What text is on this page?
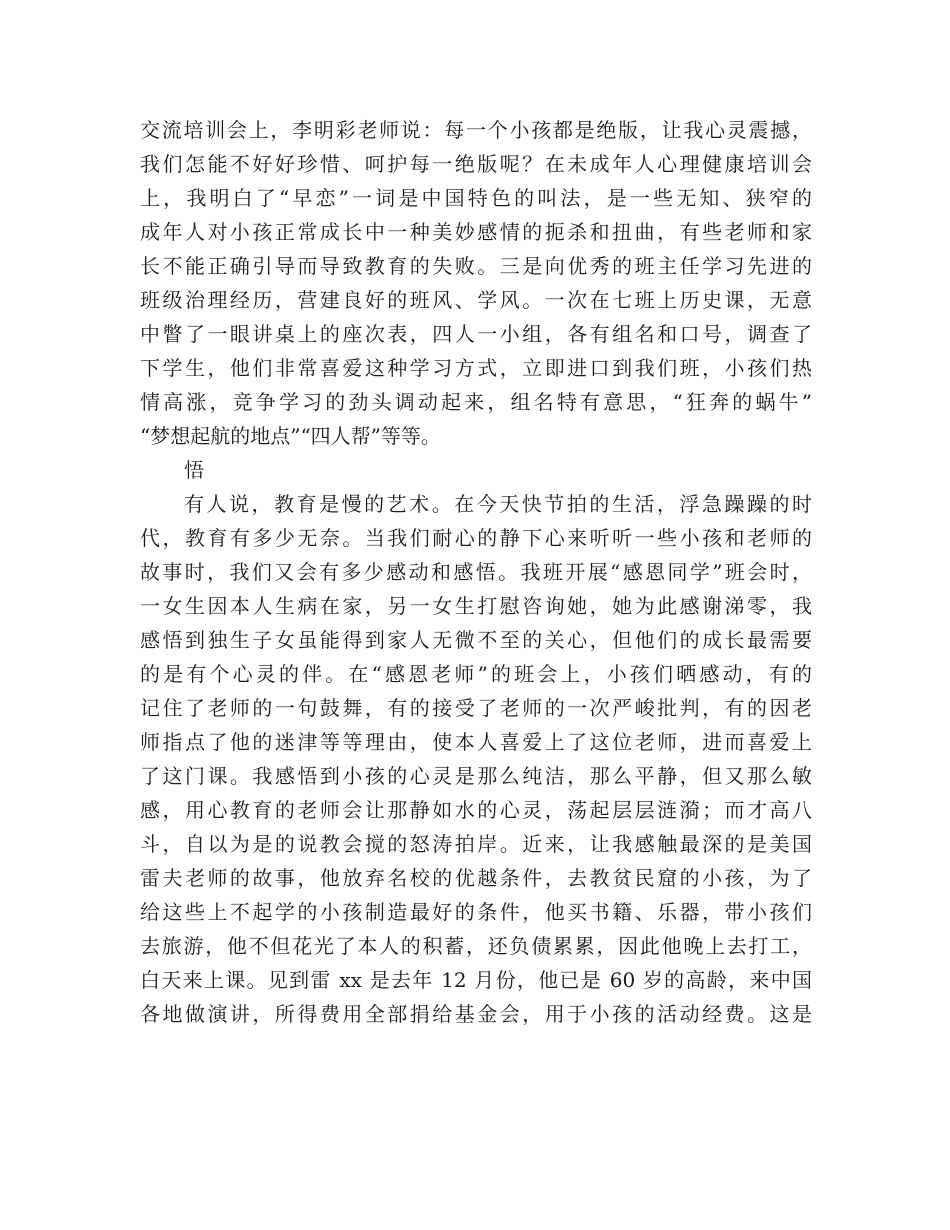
交流培训会上，李明彩老师说：每一个小孩都是绝版，让我心灵震撼，
我们怎能不好好珍惜、呵护每一绝版呢？在未成年人心理健康培训会
上，我明白了“早恋”一词是中国特色的叫法，是一些无知、狭窄的
成年人对小孩正常成长中一种美妙感情的扼杀和扭曲，有些老师和家
长不能正确引导而导致教育的失败。三是向优秀的班主任学习先进的
班级治理经历，营建良好的班风、学风。一次在七班上历史课，无意
中瞥了一眼讲桌上的座次表，四人一小组，各有组名和口号，调查了
下学生，他们非常喜爱这种学习方式，立即进口到我们班，小孩们热
情高涨，竞争学习的劲头调动起来，组名特有意思，“狂奔的蜗牛”
“梦想起航的地点”“四人帮”等等。
悟
有人说，教育是慢的艺术。在今天快节拍的生活，浮急躁躁的时
代，教育有多少无奈。当我们耐心的静下心来听听一些小孩和老师的
故事时，我们又会有多少感动和感悟。我班开展“感恩同学”班会时，
一女生因本人生病在家，另一女生打慰咨询她，她为此感谢涕零，我
感悟到独生子女虽能得到家人无微不至的关心，但他们的成长最需要
的是有个心灵的伴。在“感恩老师”的班会上，小孩们晒感动，有的
记住了老师的一句鼓舞，有的接受了老师的一次严峻批判，有的因老
师指点了他的迷津等等理由，使本人喜爱上了这位老师，进而喜爱上
了这门课。我感悟到小孩的心灵是那么纯洁，那么平静，但又那么敏
感，用心教育的老师会让那静如水的心灵，荡起层层涟漪；而才高八
斗，自以为是的说教会搅的怒涛拍岸。近来，让我感触最深的是美国
雷夫老师的故事，他放弃名校的优越条件，去教贫民窟的小孩，为了
给这些上不起学的小孩制造最好的条件，他买书籍、乐器，带小孩们
去旅游，他不但花光了本人的积蓄，还负债累累，因此他晚上去打工，
白天来上课。见到雷 xx 是去年 12 月份，他已是 60 岁的高龄，来中国
各地做演讲，所得费用全部捐给基金会，用于小孩的活动经费。这是
